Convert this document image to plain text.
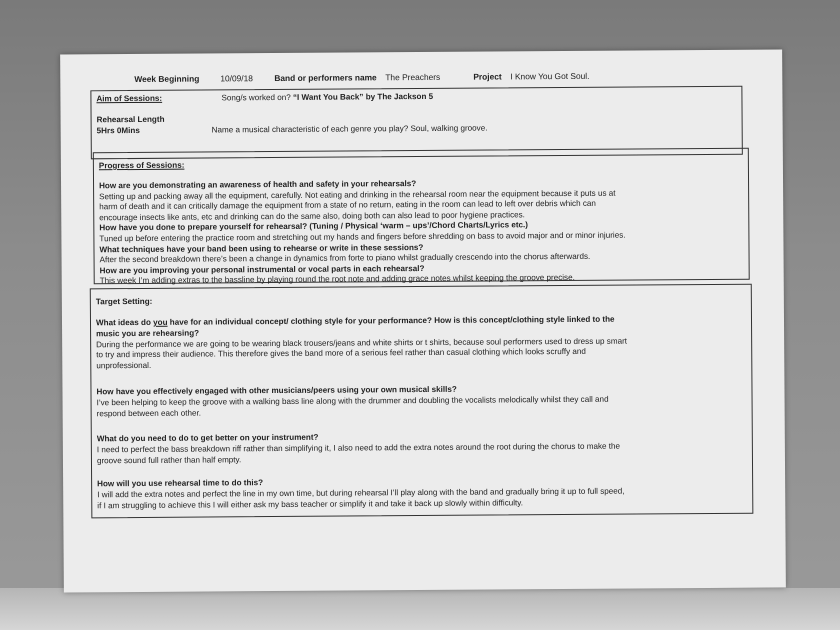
Week Beginning 10/09/18	Band or performers name The Preachers	Project I Know You Got Soul.
Aim of Sessions:	Song/s worked on? “I Want You Back” by The Jackson 5
Rehearsal Length
5Hrs 0Mins	Name a musical characteristic of each genre you play? Soul, walking groove.
Progress of Sessions:
How are you demonstrating an awareness of health and safety in your rehearsals?
Setting up and packing away all the equipment, carefully. Not eating and drinking in the rehearsal room near the equipment because it puts us at
harm of death and it can critically damage the equipment from a state of no return, eating in the room can lead to left over debris which can
encourage insects like ants, etc and drinking can do the same also, doing both can also lead to poor hygiene practices.
How have you done to prepare yourself for rehearsal? (Tuning / Physical ‘warm – ups’/Chord Charts/Lyrics etc.)
Tuned up before entering the practice room and stretching out my hands and fingers before shredding on bass to avoid major and or minor injuries.
What techniques have your band been using to rehearse or write in these sessions?
After the second breakdown there’s been a change in dynamics from forte to piano whilst gradually crescendo into the chorus afterwards.
How are you improving your personal instrumental or vocal parts in each rehearsal?
This week I’m adding extras to the bassline by playing round the root note and adding grace notes whilst keeping the groove precise.
Target Setting:
What ideas do you have for an individual concept/ clothing style for your performance? How is this concept/clothing style linked to the
music you are rehearsing?
During the performance we are going to be wearing black trousers/jeans and white shirts or t shirts, because soul performers used to dress up smart
to try and impress their audience. This therefore gives the band more of a serious feel rather than casual clothing which looks scruffy and
unprofessional.
How have you effectively engaged with other musicians/peers using your own musical skills?
I’ve been helping to keep the groove with a walking bass line along with the drummer and doubling the vocalists melodically whilst they call and
respond between each other.
What do you need to do to get better on your instrument?
I need to perfect the bass breakdown riff rather than simplifying it, I also need to add the extra notes around the root during the chorus to make the
groove sound full rather than half empty.
How will you use rehearsal time to do this?
I will add the extra notes and perfect the line in my own time, but during rehearsal I’ll play along with the band and gradually bring it up to full speed,
if I am struggling to achieve this I will either ask my bass teacher or simplify it and take it back up slowly within difficulty.
